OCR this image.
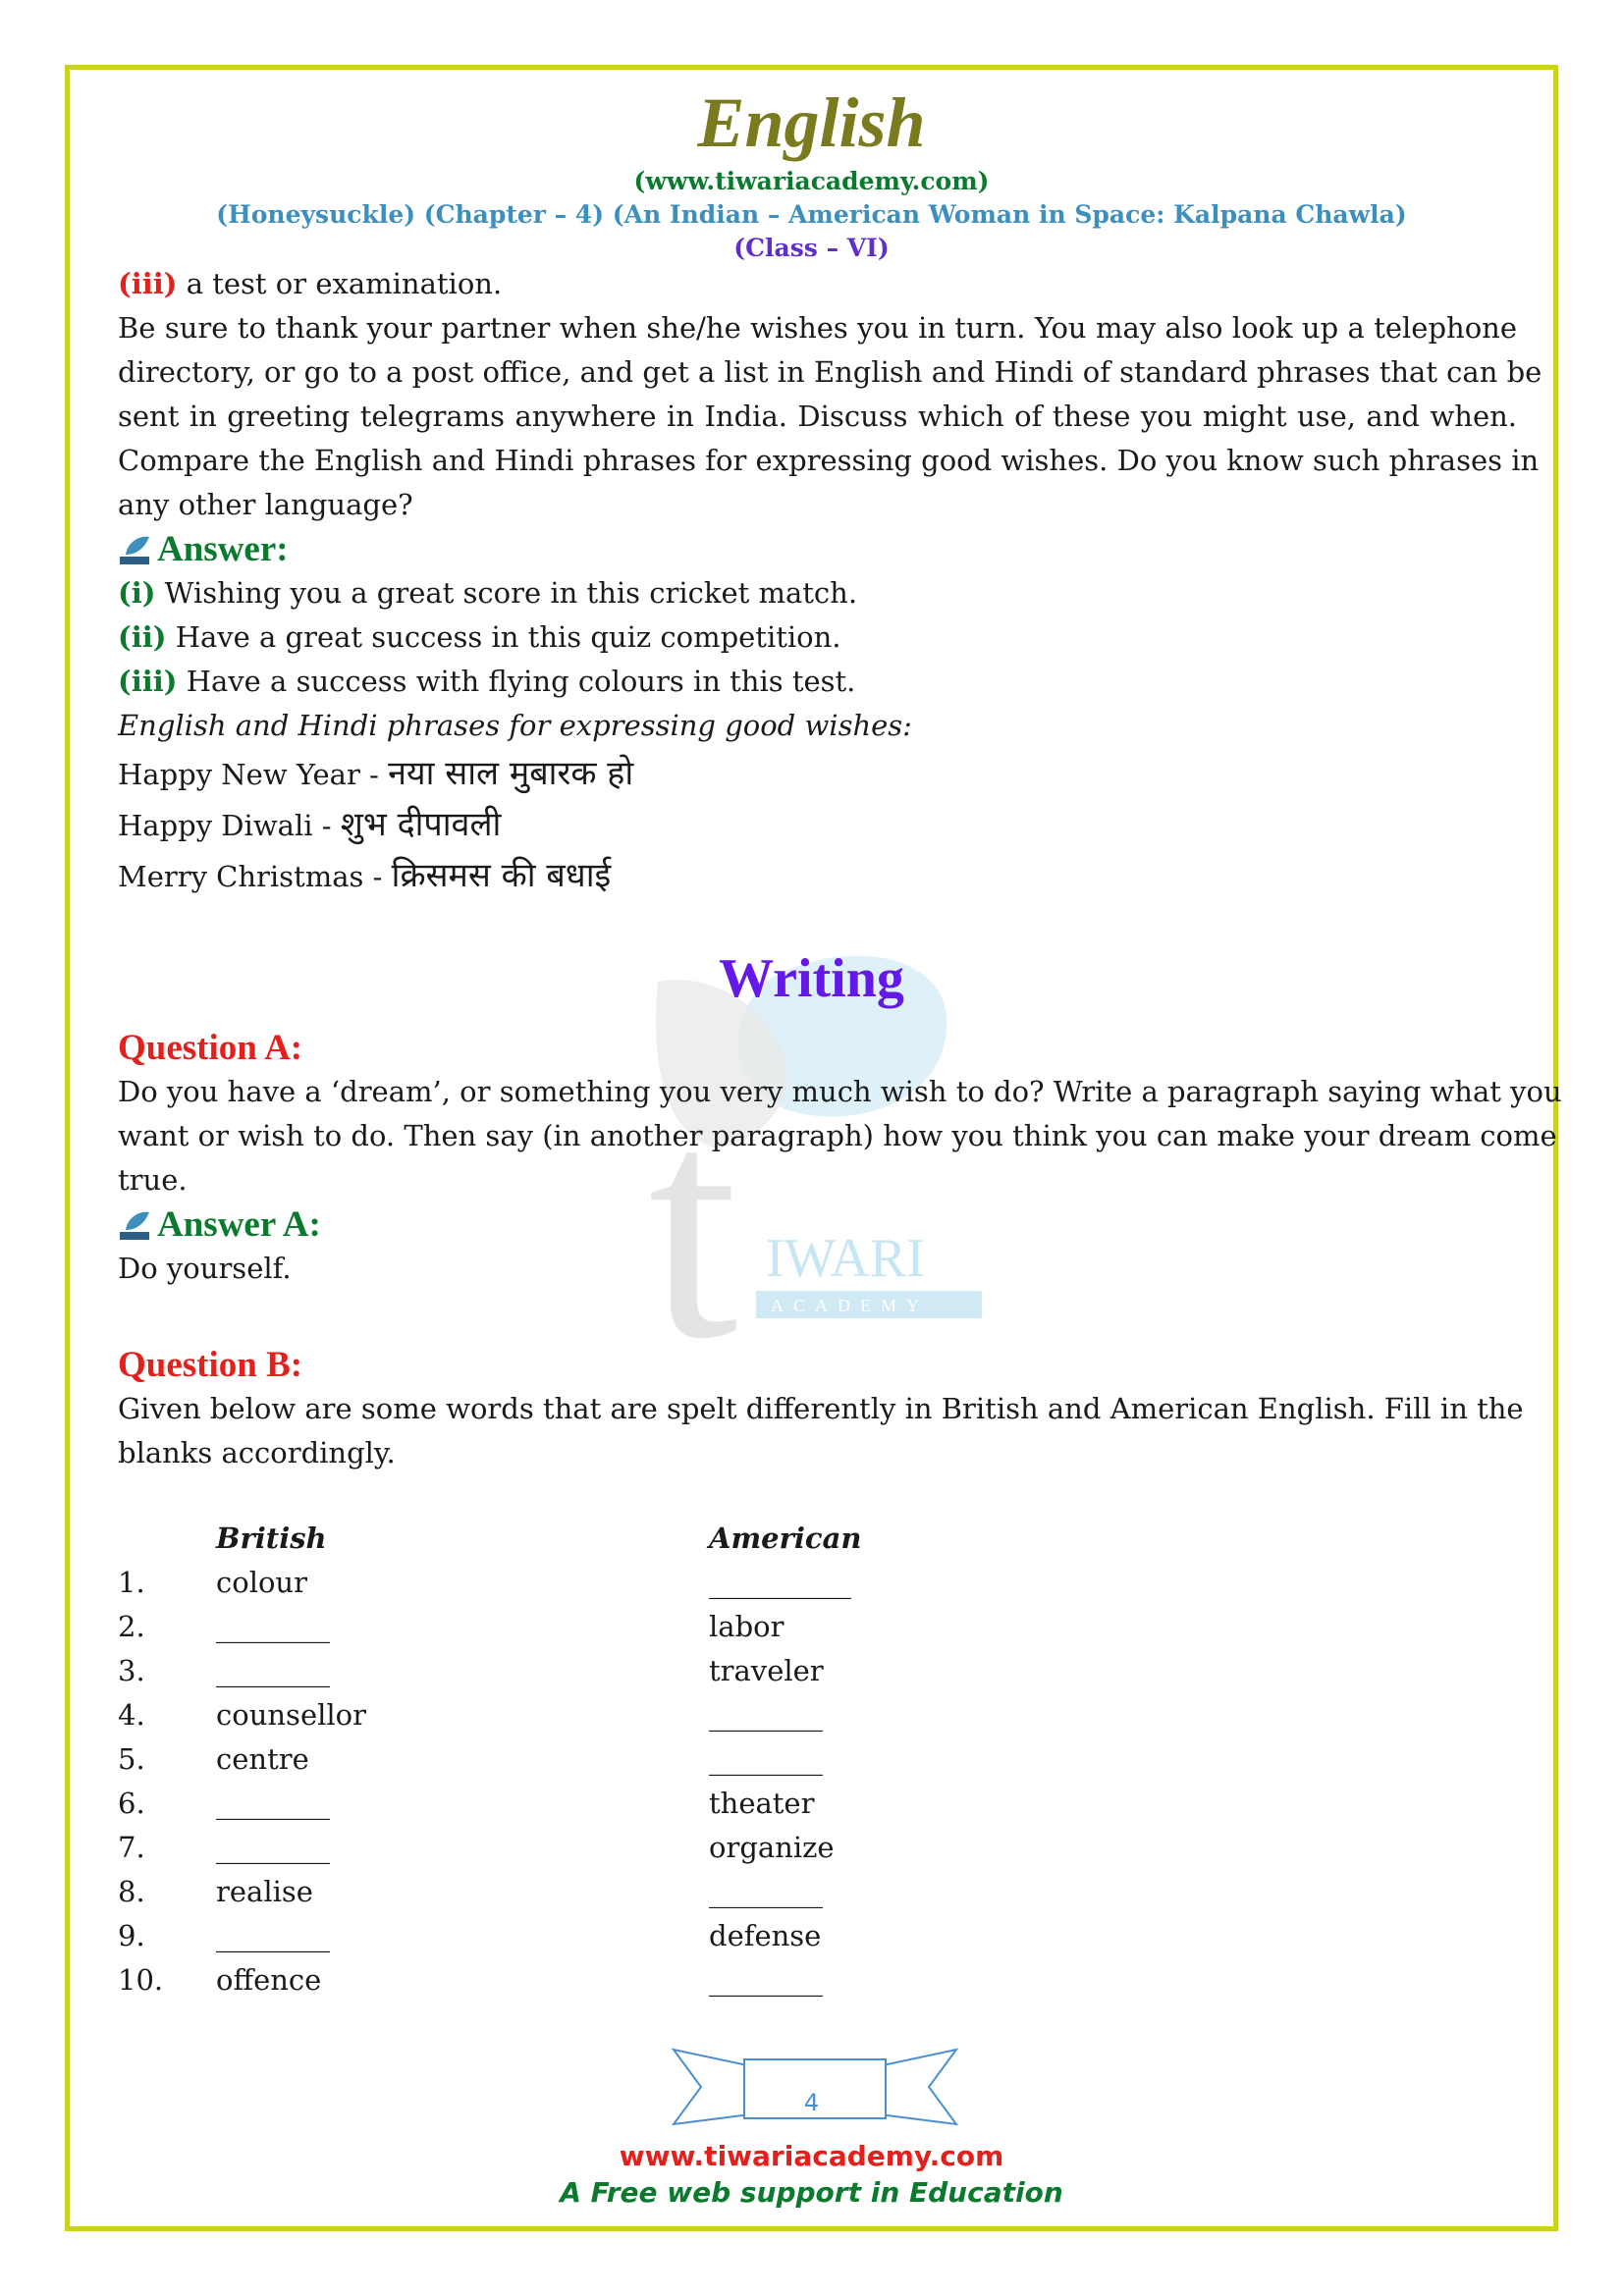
English
(www.tiwariacademy.com)
(Honeysuckle) (Chapter – 4) (An Indian – American Woman in Space: Kalpana Chawla)
(Class – VI)
t IWARI
ACADEMY
(iii) a test or examination.
Be sure to thank your partner when she/he wishes you in turn. You may also look up a telephone
directory, or go to a post office, and get a list in English and Hindi of standard phrases that can be
sent in greeting telegrams anywhere in India. Discuss which of these you might use, and when.
Compare the English and Hindi phrases for expressing good wishes. Do you know such phrases in
any other language?
Answer:
(i) Wishing you a great score in this cricket match.
(ii) Have a great success in this quiz competition.
(iii) Have a success with flying colours in this test.
English and Hindi phrases for expressing good wishes:
Happy New Year - नया साल मुबारक हो
Happy Diwali - शुभ दीपावली
Merry Christmas - क्रिसमस की बधाई
Writing
Question A:
Do you have a ‘dream’, or something you very much wish to do? Write a paragraph saying what you
want or wish to do. Then say (in another paragraph) how you think you can make your dream come
true.
Answer A:
Do yourself.
Question B:
Given below are some words that are spelt differently in British and American English. Fill in the
blanks accordingly.
British	American
1. colour	__________
2. ________	labor
3. ________	traveler
4. counsellor	________
5. centre	________
6. ________	theater
7. ________	organize
8. realise	________
9. ________	defense
10. offence	________
4
www.tiwariacademy.com
A Free web support in Education
